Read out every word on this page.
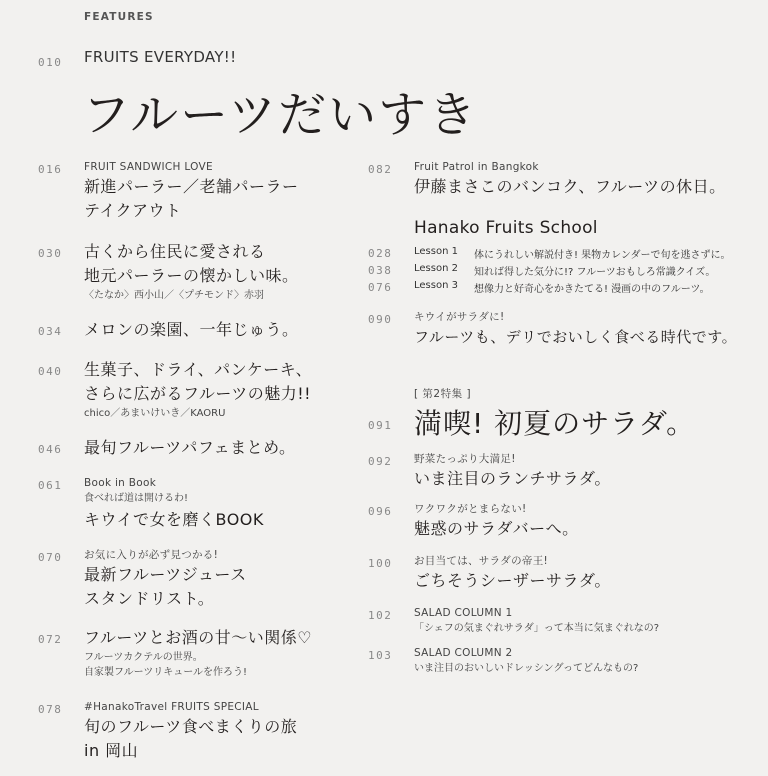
FEATURES
010 FRUITS EVERYDAY!!
フルーツだいすき
016 FRUIT SANDWICH LOVE
新進パーラー／老舗パーラー
テイクアウト
030 古くから住民に愛される
地元パーラーの懐かしい味。
〈たなか〉西小山／〈プチモンド〉赤羽
034 メロンの楽園、一年じゅう。
040 生菓子、ドライ、パンケーキ、
さらに広がるフルーツの魅力!!
chico／あまいけいき／KAORU
046 最旬フルーツパフェまとめ。
061 Book in Book
食べれば道は開けるわ!
キウイで女を磨くBOOK
070 お気に入りが必ず見つかる!
最新フルーツジュース
スタンドリスト。
072 フルーツとお酒の甘〜い関係♡
フルーツカクテルの世界。
自家製フルーツリキュールを作ろう!
078 #HanakoTravel FRUITS SPECIAL
旬のフルーツ食べまくりの旅
in 岡山
082 Fruit Patrol in Bangkok
伊藤まさこのバンコク、フルーツの休日。
Hanako Fruits School
028 Lesson 1 体にうれしい解説付き! 果物カレンダーで旬を逃さずに。
038 Lesson 2 知れば得した気分に!? フルーツおもしろ常識クイズ。
076 Lesson 3 想像力と好奇心をかきたてる! 漫画の中のフルーツ。
090 キウイがサラダに!
フルーツも、デリでおいしく食べる時代です。
[ 第2特集 ]
091 満喫! 初夏のサラダ。
092 野菜たっぷり大満足!
いま注目のランチサラダ。
096 ワクワクがとまらない!
魅惑のサラダバーへ。
100 お目当ては、サラダの帝王!
ごちそうシーザーサラダ。
102 SALAD COLUMN 1
「シェフの気まぐれサラダ」って本当に気まぐれなの?
103 SALAD COLUMN 2
いま注目のおいしいドレッシングってどんなもの?
